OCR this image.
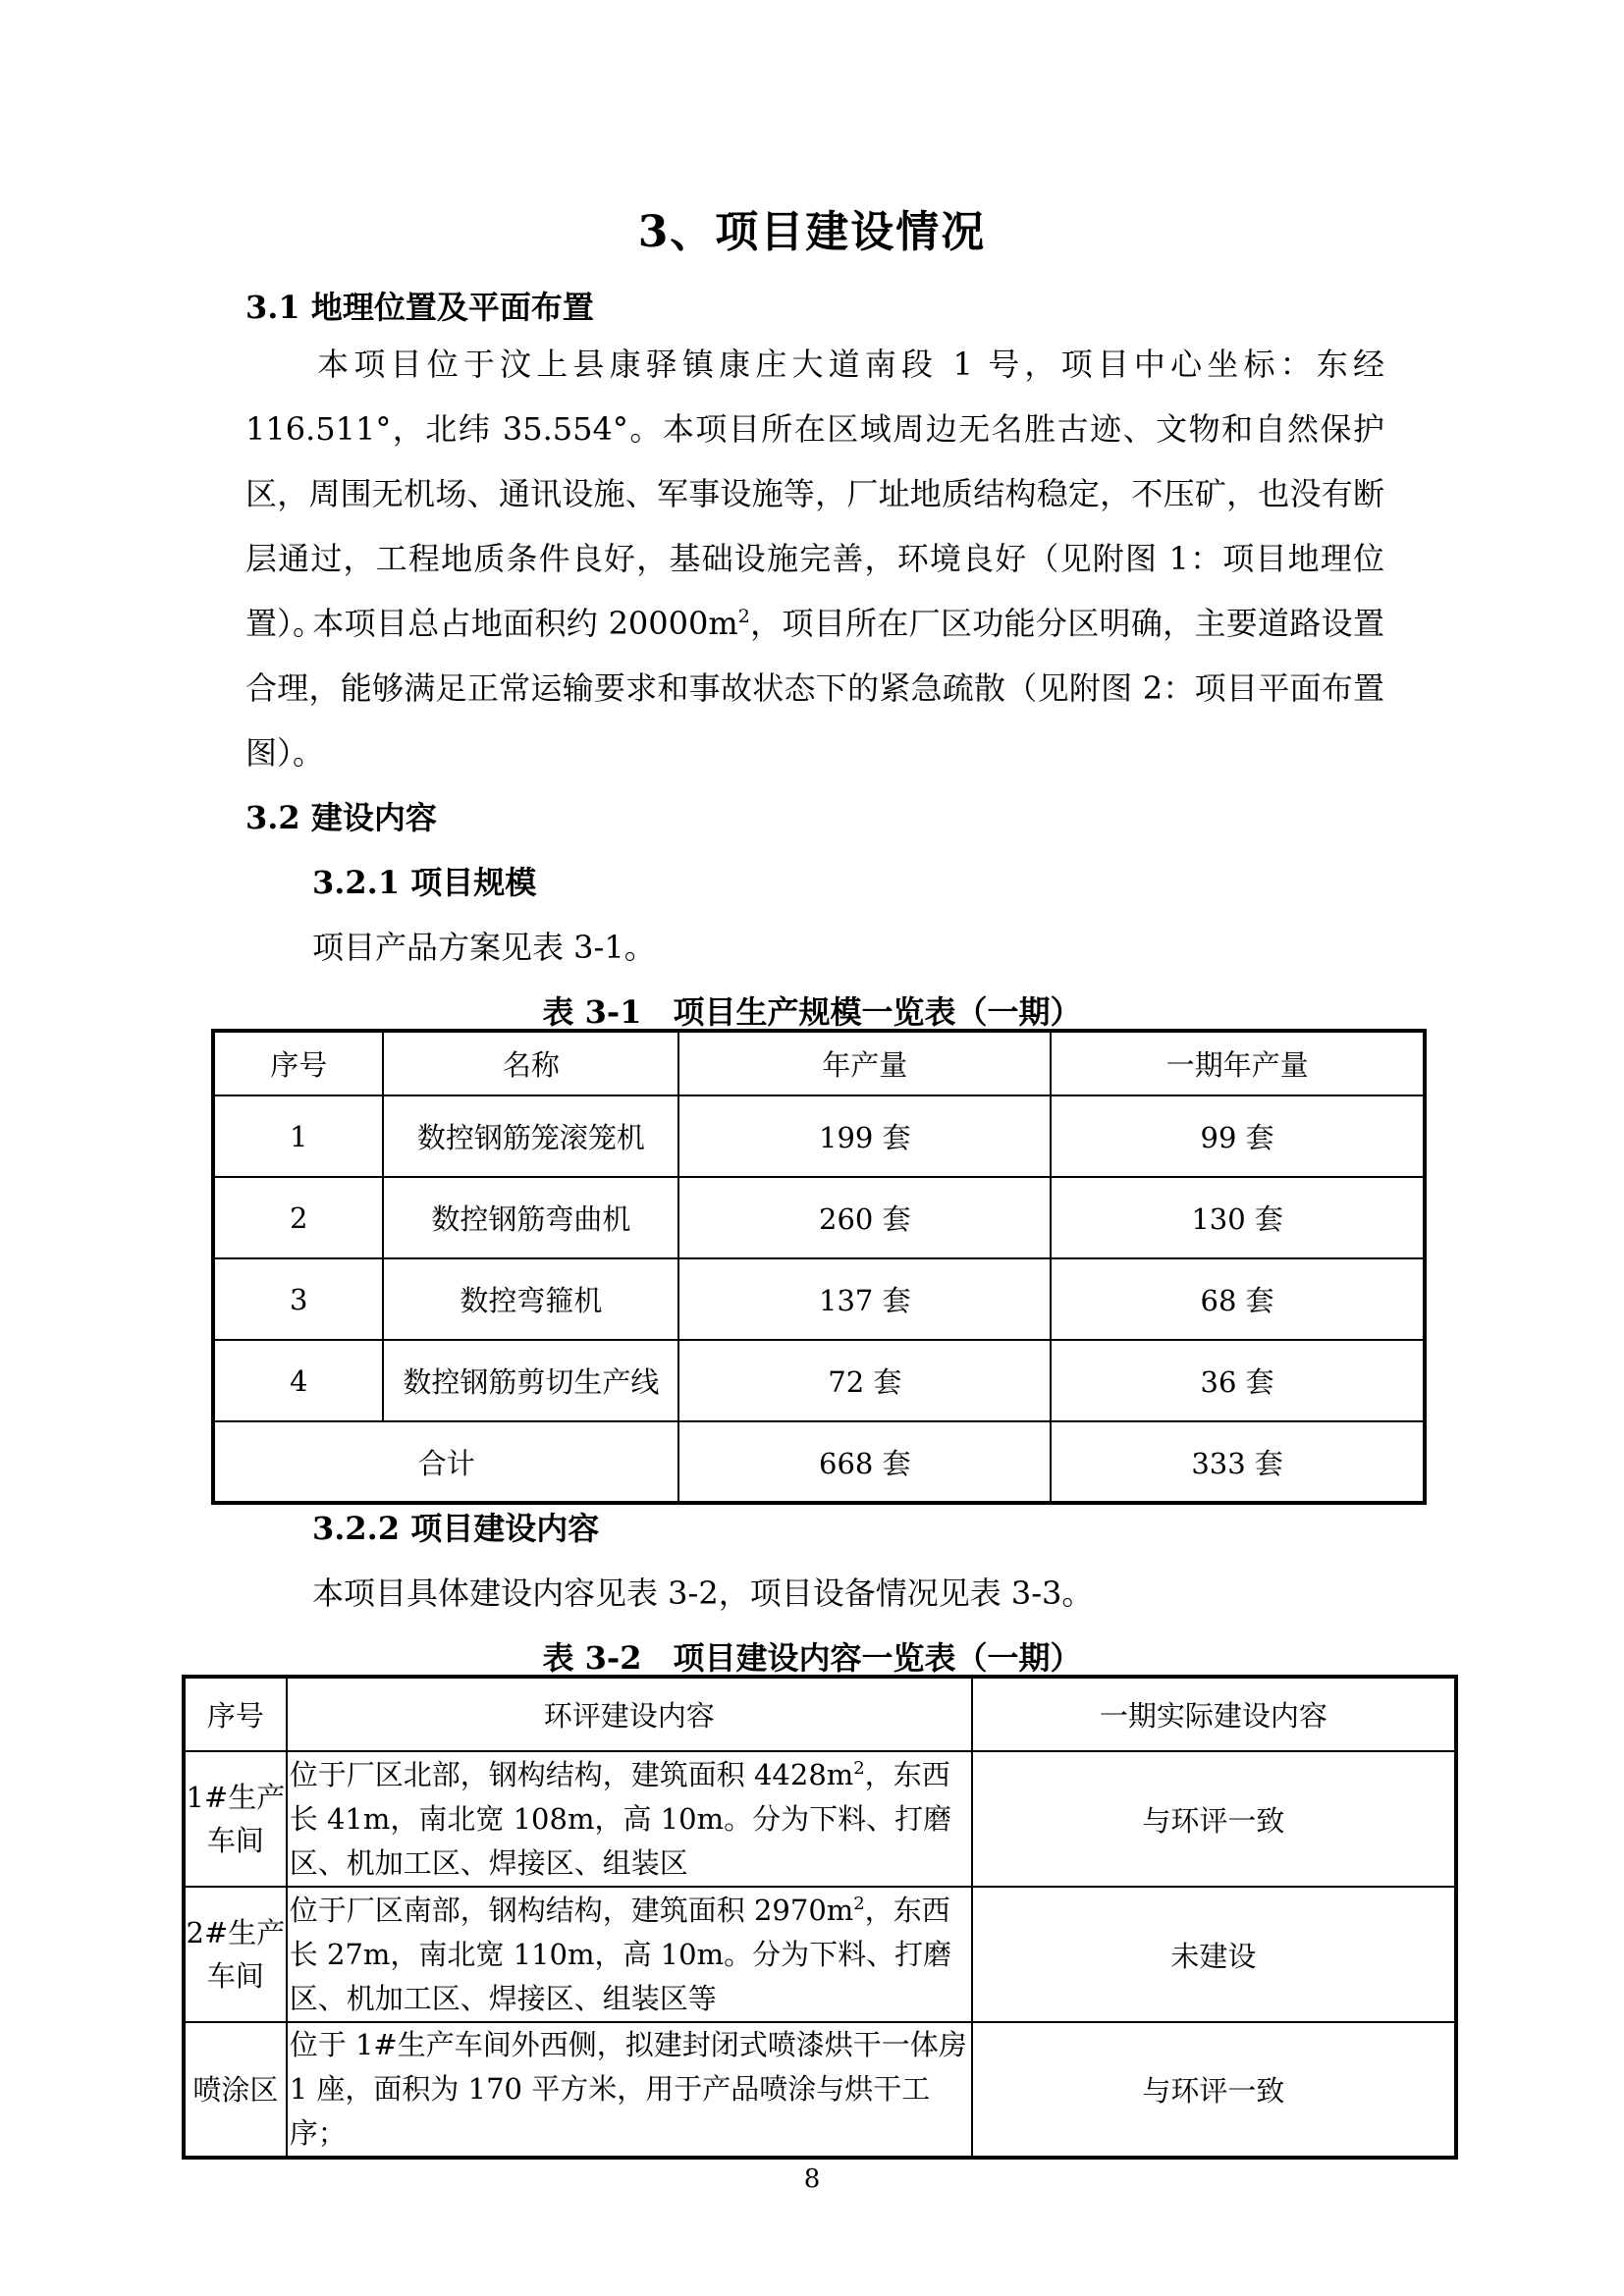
3、项目建设情况
3.1 地理位置及平面布置
本项目位于汶上县康驿镇康庄大道南段 1 号，项目中心坐标：东经 116.511°，北纬 35.554°。本项目所在区域周边无名胜古迹、文物和自然保护区，周围无机场、通讯设施、军事设施等，厂址地质结构稳定，不压矿，也没有断层通过，工程地质条件良好，基础设施完善，环境良好（见附图 1：项目地理位置）。
本项目总占地面积约 $20000m^2$，项目所在厂区功能分区明确，主要道路设置合理，能够满足正常运输要求和事故状态下的紧急疏散（见附图 2：项目平面布置图）。
3.2 建设内容
3.2.1 项目规模
项目产品方案见表 3-1。
表 3-1　项目生产规模一览表（一期）
序号	名称	年产量	一期年产量
1	数控钢筋笼滚笼机	199 套	99 套
2	数控钢筋弯曲机	260 套	130 套
3	数控弯箍机	137 套	68 套
4	数控钢筋剪切生产线	72 套	36 套
合计		668 套	333 套
3.2.2 项目建设内容
本项目具体建设内容见表 3-2，项目设备情况见表 3-3。
表 3-2　项目建设内容一览表（一期）
序号	环评建设内容	一期实际建设内容
1#生产
车间	位于厂区北部，钢构结构，建筑面积 $4428m^2$，东西长 41m，南北宽 108m，高 10m。分为下料、打磨区、机加工区、焊接区、组装区	与环评一致
2#生产
车间	位于厂区南部，钢构结构，建筑面积 $2970m^2$，东西长 27m，南北宽 110m，高 10m。分为下料、打磨区、机加工区、焊接区、组装区等	未建设
喷涂区	位于 1#生产车间外西侧，拟建封闭式喷漆烘干一体房 1 座，面积为 170 平方米，用于产品喷涂与烘干工序；	与环评一致
8
